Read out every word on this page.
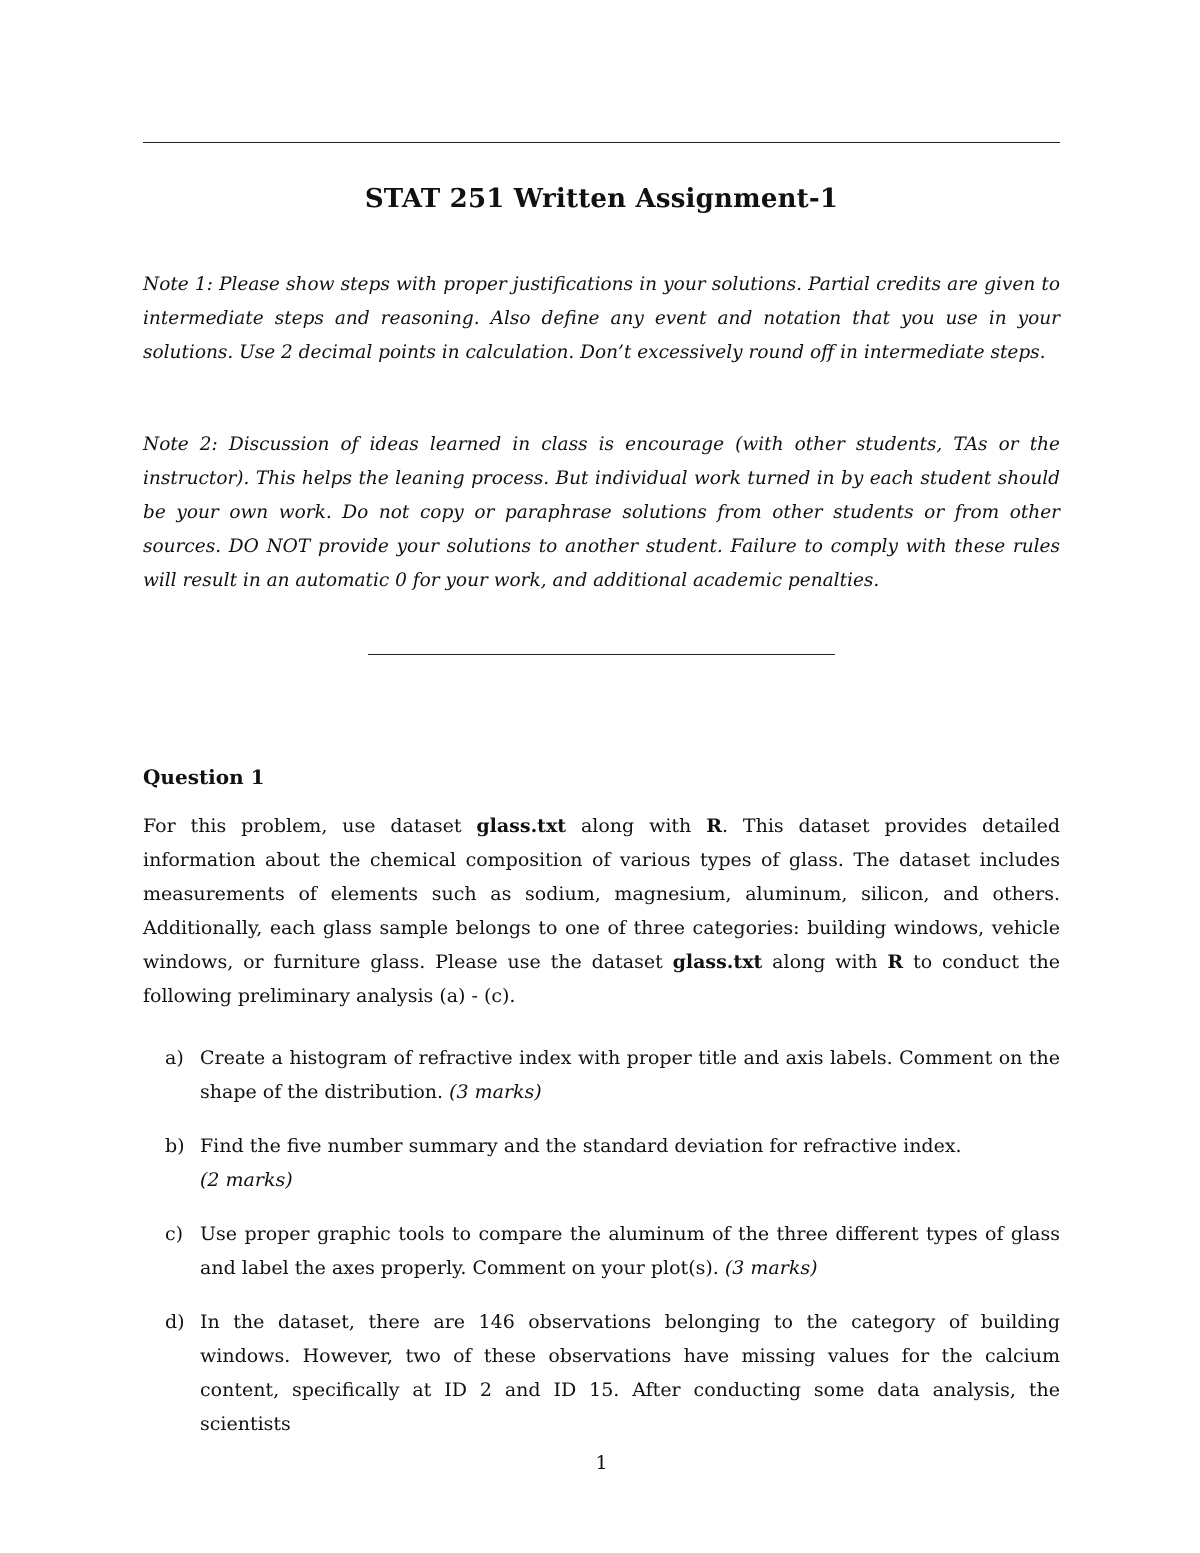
STAT 251 Written Assignment-1
Note 1: Please show steps with proper justifications in your solutions. Partial credits are given to intermediate steps and reasoning. Also define any event and notation that you use in your solutions. Use 2 decimal points in calculation. Don’t excessively round off in intermediate steps.
Note 2: Discussion of ideas learned in class is encourage (with other students, TAs or the instructor). This helps the leaning process. But individual work turned in by each student should be your own work. Do not copy or paraphrase solutions from other students or from other sources. DO NOT provide your solutions to another student. Failure to comply with these rules will result in an automatic 0 for your work, and additional academic penalties.
Question 1
For this problem, use dataset glass.txt along with R. This dataset provides detailed information about the chemical composition of various types of glass. The dataset includes measurements of elements such as sodium, magnesium, aluminum, silicon, and others. Additionally, each glass sample belongs to one of three categories: building windows, vehicle windows, or furniture glass. Please use the dataset glass.txt along with R to conduct the following preliminary analysis (a) - (c).
a) Create a histogram of refractive index with proper title and axis labels. Comment on the shape of the distribution. (3 marks)
b) Find the five number summary and the standard deviation for refractive index.
(2 marks)
c) Use proper graphic tools to compare the aluminum of the three different types of glass and label the axes properly. Comment on your plot(s). (3 marks)
d) In the dataset, there are 146 observations belonging to the category of building windows. However, two of these observations have missing values for the calcium content, specifically at ID 2 and ID 15. After conducting some data analysis, the scientists
1
